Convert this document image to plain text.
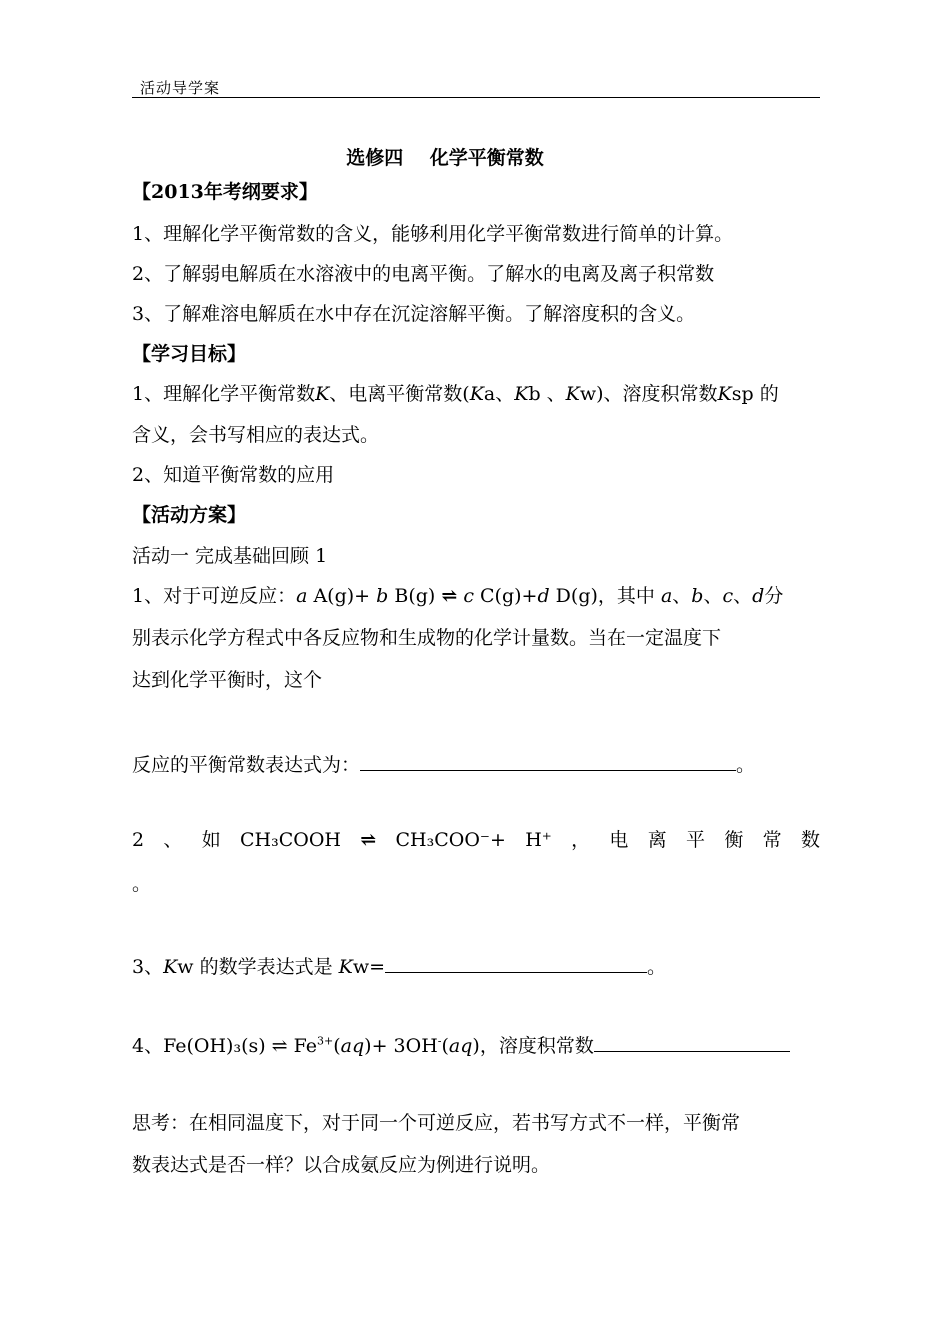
活动导学案
选修四    化学平衡常数
【2013年考纲要求】
1、理解化学平衡常数的含义，能够利用化学平衡常数进行简单的计算。
2、了解弱电解质在水溶液中的电离平衡。了解水的电离及离子积常数
3、了解难溶电解质在水中存在沉淀溶解平衡。了解溶度积的含义。
【学习目标】
1、理解化学平衡常数K、电离平衡常数(Ka、Kb 、Kw)、溶度积常数Ksp 的
含义，会书写相应的表达式。
2、知道平衡常数的应用
【活动方案】
活动一 完成基础回顾 1
1、对于可逆反应：a A(g)+ b B(g) ⇌ c C(g)+d D(g)，其中 a、b、c、d分
别表示化学方程式中各反应物和生成物的化学计量数。当在一定温度下
达到化学平衡时，这个
反应的平衡常数表达式为：	。
2 、 如 CH₃COOH ⇌ CH₃COO⁻+ H⁺ ， 电 离 平 衡 常 数
。
3、Kw 的数学表达式是 Kw=	。
4、Fe(OH)₃(s) ⇌ $Fe^{3+}(aq)+ 3OH^-(aq)$，溶度积常数
思考：在相同温度下，对于同一个可逆反应，若书写方式不一样，平衡常
数表达式是否一样？以合成氨反应为例进行说明。
